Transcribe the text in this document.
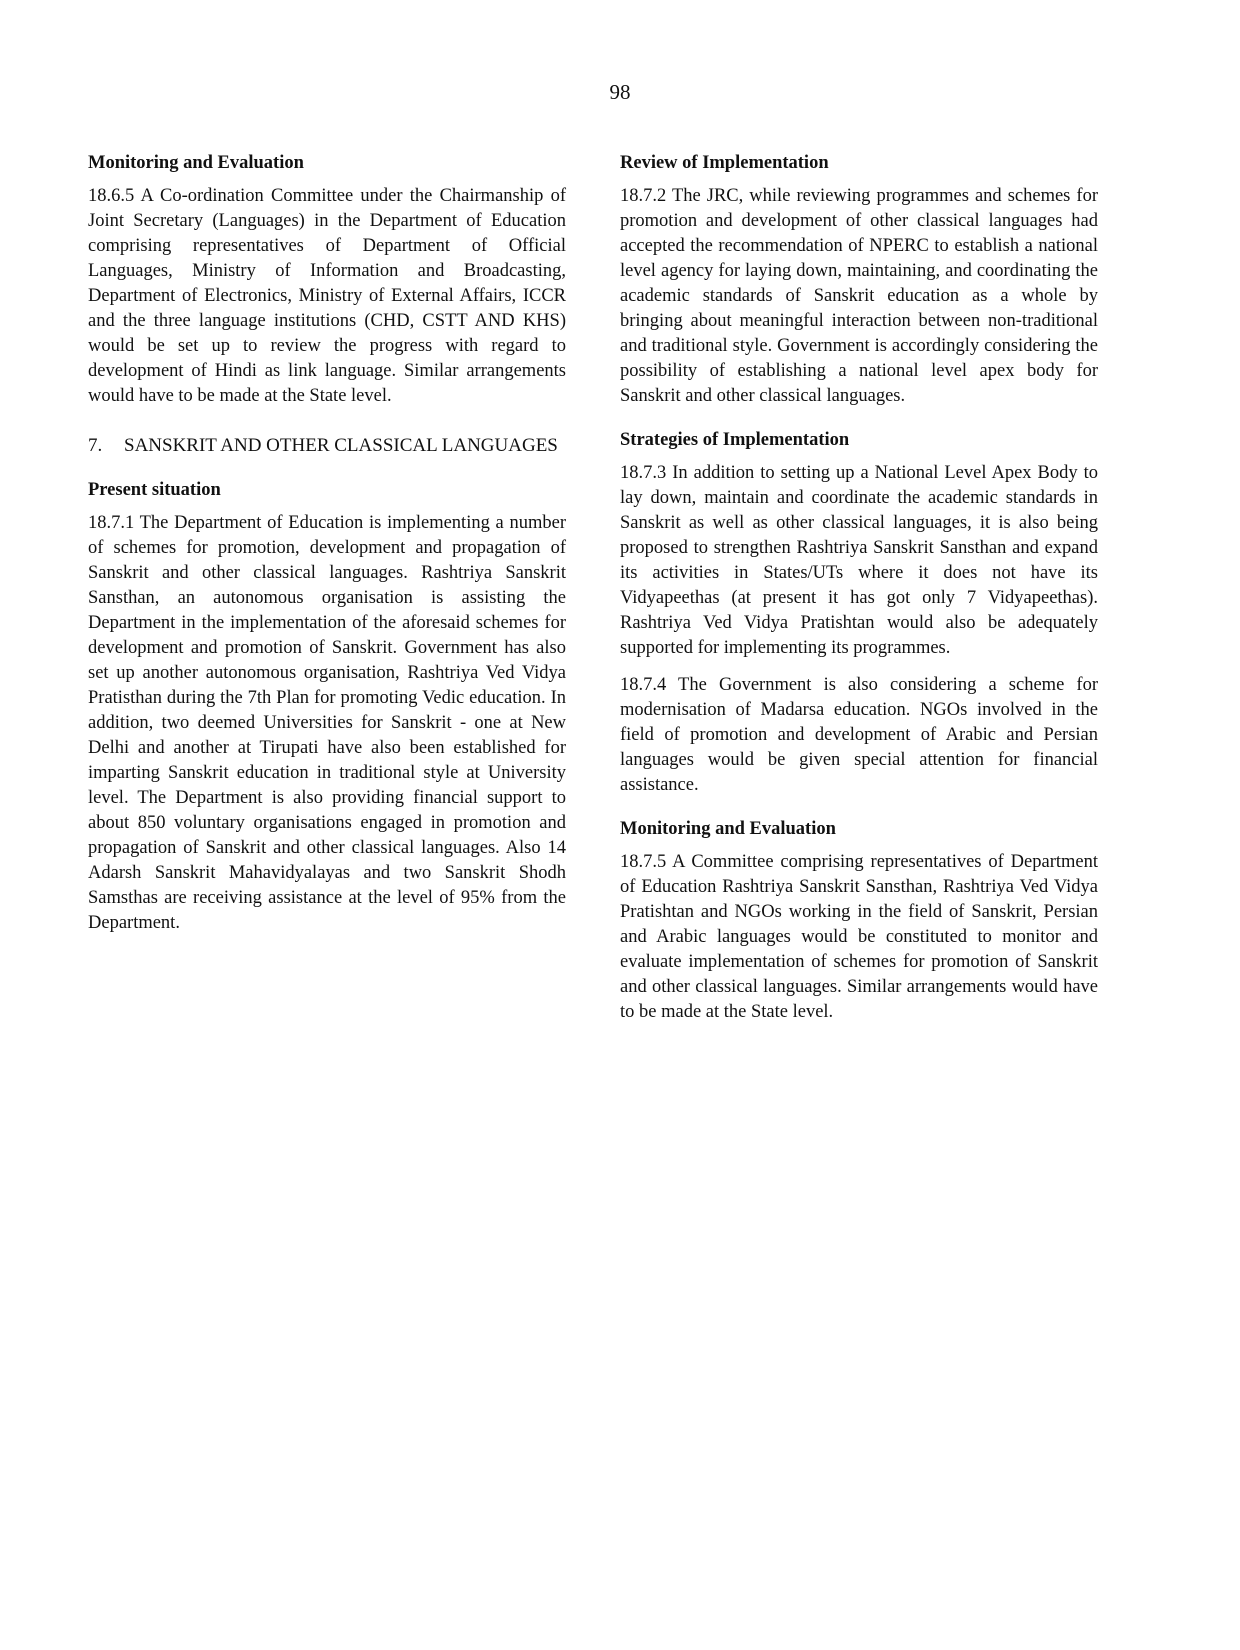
98
Monitoring and Evaluation

18.6.5 A Co-ordination Committee under the Chairmanship of Joint Secretary (Languages) in the Department of Education comprising representatives of Department of Official Languages, Ministry of Information and Broadcasting, Department of Electronics, Ministry of External Affairs, ICCR and the three language institutions (CHD, CSTT AND KHS) would be set up to review the progress with regard to development of Hindi as link language. Similar arrangements would have to be made at the State level.

7.	SANSKRIT AND OTHER CLASSICAL LANGUAGES
Present situation

18.7.1 The Department of Education is implementing a number of schemes for promotion, development and propagation of Sanskrit and other classical languages. Rashtriya Sanskrit Sansthan, an autonomous organisation is assisting the Department in the implementation of the aforesaid schemes for development and promotion of Sanskrit. Government has also set up another autonomous organisation, Rashtriya Ved Vidya Pratisthan during the 7th Plan for promoting Vedic education. In addition, two deemed Universities for Sanskrit - one at New Delhi and another at Tirupati have also been established for imparting Sanskrit education in traditional style at University level. The Department is also providing financial support to about 850 voluntary organisations engaged in promotion and propagation of Sanskrit and other classical languages. Also 14 Adarsh Sanskrit Mahavidyalayas and two Sanskrit Shodh Samsthas are receiving assistance at the level of 95% from the Department.

Review of Implementation

18.7.2 The JRC, while reviewing programmes and schemes for promotion and development of other classical languages had accepted the recommendation of NPERC to establish a national level agency for laying down, maintaining, and coordinating the academic standards of Sanskrit education as a whole by bringing about meaningful interaction between non-traditional and traditional style. Government is accordingly considering the possibility of establishing a national level apex body for Sanskrit and other classical languages.

Strategies of Implementation

18.7.3 In addition to setting up a National Level Apex Body to lay down, maintain and coordinate the academic standards in Sanskrit as well as other classical languages, it is also being proposed to strengthen Rashtriya Sanskrit Sansthan and expand its activities in States/UTs where it does not have its Vidyapeethas (at present it has got only 7 Vidyapeethas). Rashtriya Ved Vidya Pratishtan would also be adequately supported for implementing its programmes.

18.7.4 The Government is also considering a scheme for modernisation of Madarsa education. NGOs involved in the field of promotion and development of Arabic and Persian languages would be given special attention for financial assistance.

Monitoring and Evaluation

18.7.5 A Committee comprising representatives of Department of Education Rashtriya Sanskrit Sansthan, Rashtriya Ved Vidya Pratishtan and NGOs working in the field of Sanskrit, Persian and Arabic languages would be constituted to monitor and evaluate implementation of schemes for promotion of Sanskrit and other classical languages. Similar arrangements would have to be made at the State level.
